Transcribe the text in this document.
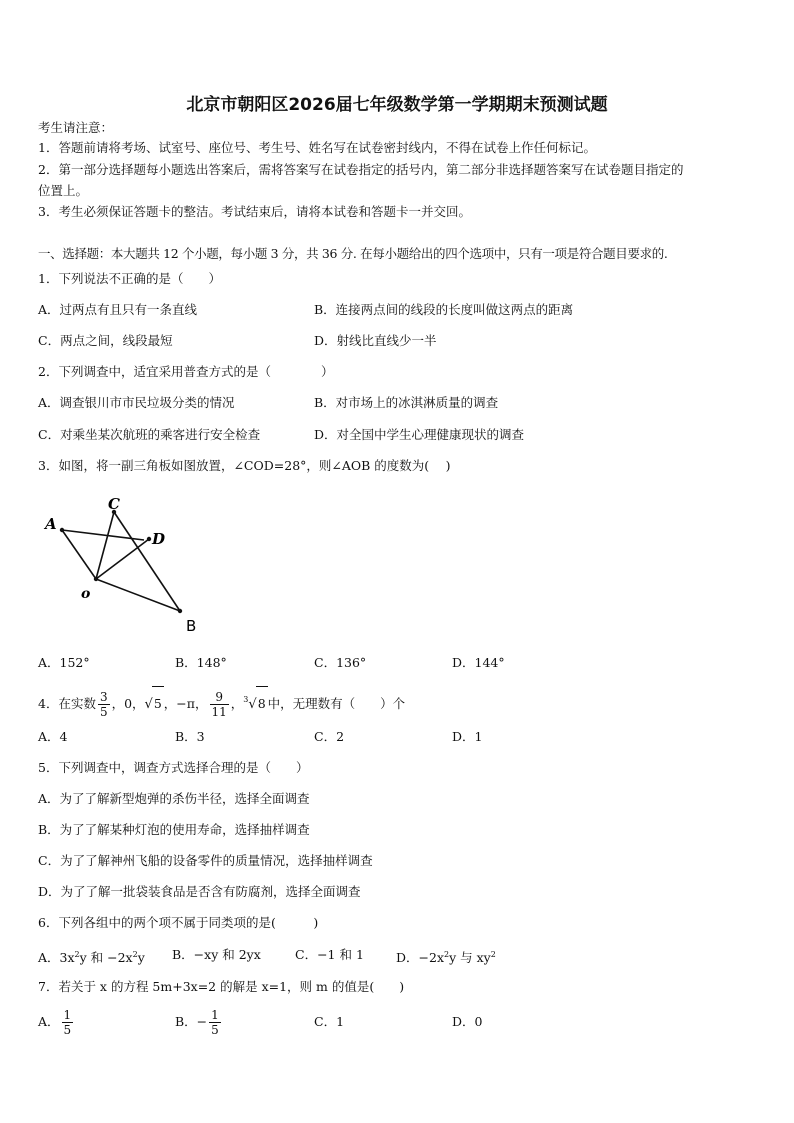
北京市朝阳区2026届七年级数学第一学期期末预测试题
考生请注意：
1．答题前请将考场、试室号、座位号、考生号、姓名写在试卷密封线内，不得在试卷上作任何标记。
2．第一部分选择题每小题选出答案后，需将答案写在试卷指定的括号内，第二部分非选择题答案写在试卷题目指定的
位置上。
3．考生必须保证答题卡的整洁。考试结束后，请将本试卷和答题卡一并交回。
一、选择题：本大题共 12 个小题，每小题 3 分，共 36 分. 在每小题给出的四个选项中，只有一项是符合题目要求的.
1．下列说法不正确的是（　　）
A．过两点有且只有一条直线	B．连接两点间的线段的长度叫做这两点的距离
C．两点之间，线段最短	D．射线比直线少一半
2．下列调查中，适宜采用普查方式的是（　　　　）
A．调查银川市市民垃圾分类的情况	B．对市场上的冰淇淋质量的调查
C．对乘坐某次航班的乘客进行安全检查	D．对全国中学生心理健康现状的调查
3．如图，将一副三角板如图放置，∠COD=28°，则∠AOB 的度数为(　 )
A
C
D
o
B
A．152°	B．148°	C．136°	D．144°
4．在实数 $\frac{3}{5}$ ，0，√5 ，−π， $\frac{9}{11}$ ，$^3$√8 中，无理数有（　　）个
A．4	B．3	C．2	D．1
5．下列调查中，调查方式选择合理的是（　　）
A．为了了解新型炮弹的杀伤半径，选择全面调查
B．为了了解某种灯泡的使用寿命，选择抽样调查
C．为了了解神州飞船的设备零件的质量情况，选择抽样调查
D．为了了解一批袋装食品是否含有防腐剂，选择全面调查
6．下列各组中的两个项不属于同类项的是(　　　)
A．$3x^2y$ 和 $-2x^2y$ B．−xy 和 2yx	C．−1 和 1	D．$-2x^2y$ 与 $xy^2$
7．若关于 x 的方程 5m+3x=2 的解是 x=1，则 m 的值是(　　)
A． $\frac{1}{5}$	B．− $\frac{1}{5}$	C．1	D．0
